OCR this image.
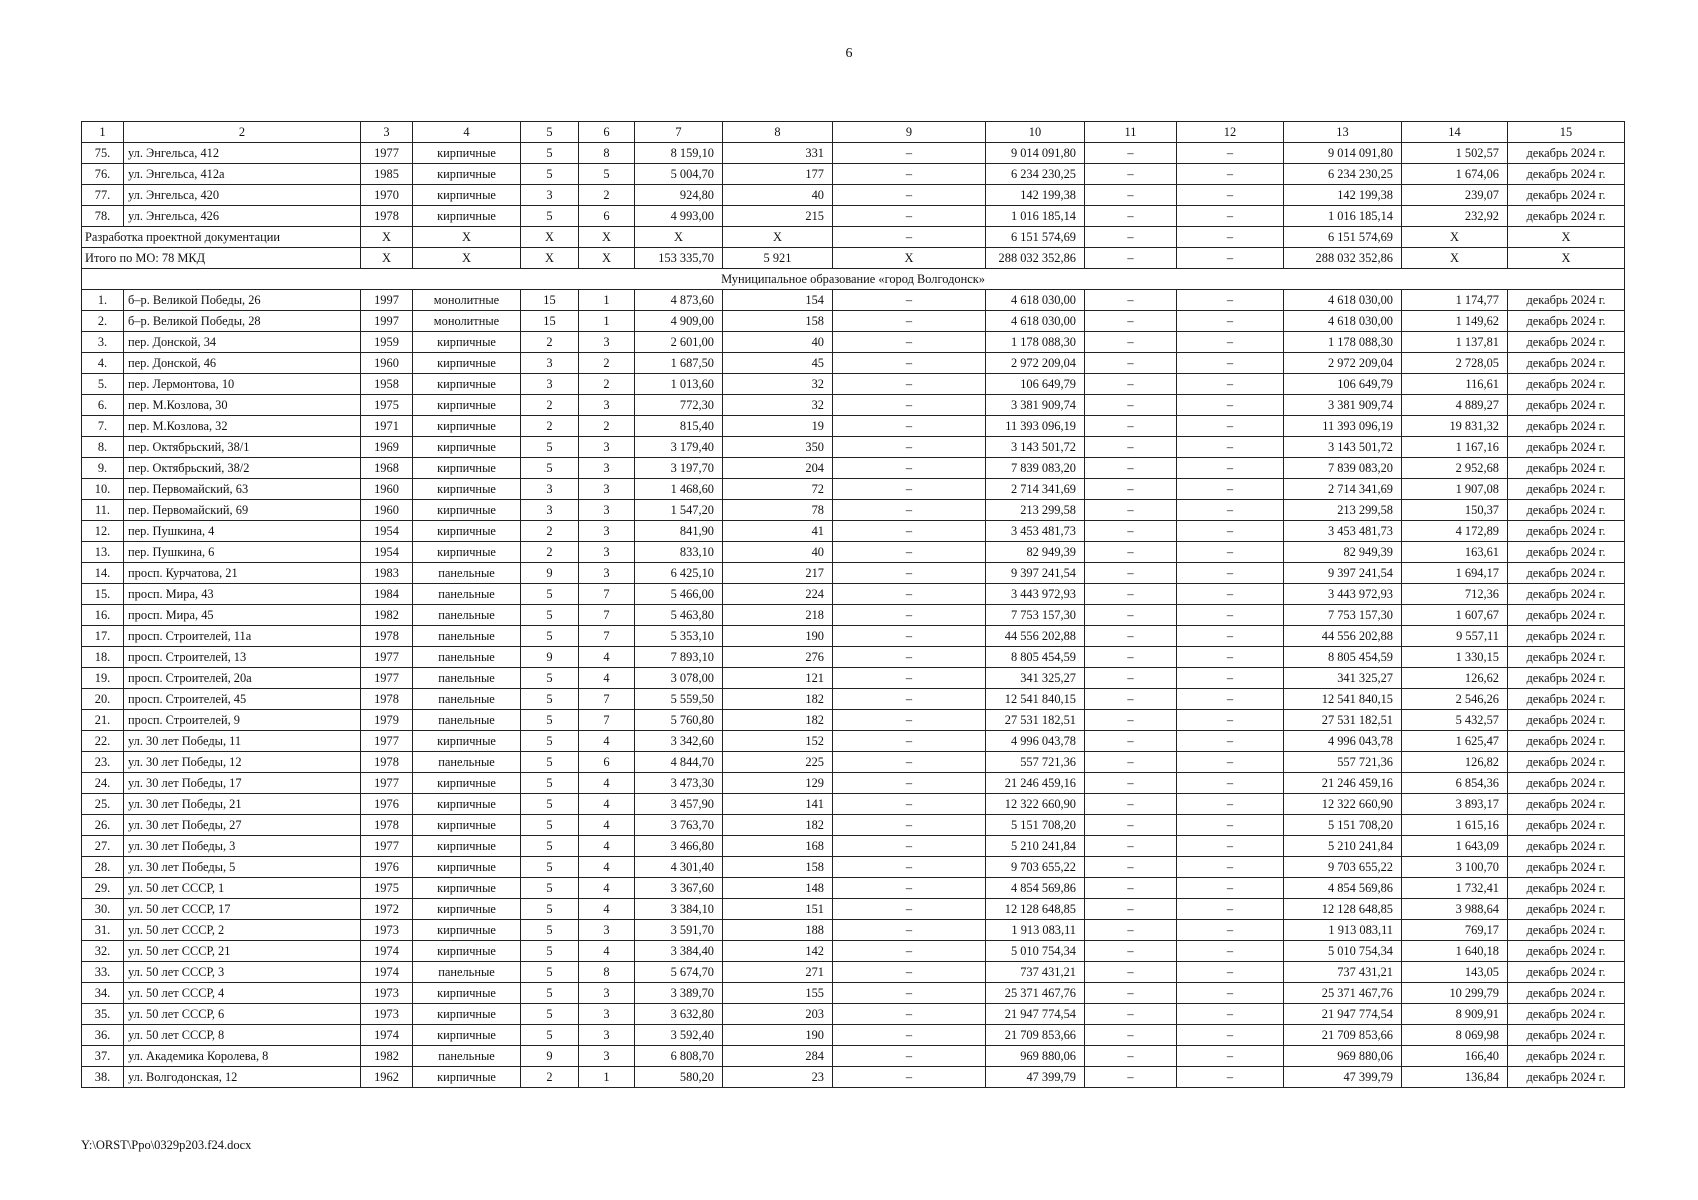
6
1	2	3	4	5	6	7	8	9	10	11	12	13	14	15
75.	ул. Энгельса, 412	1977	кирпичные	5	8	8 159,10	331	–	9 014 091,80	–	–	9 014 091,80	1 502,57	декабрь 2024 г.
76.	ул. Энгельса, 412а	1985	кирпичные	5	5	5 004,70	177	–	6 234 230,25	–	–	6 234 230,25	1 674,06	декабрь 2024 г.
77.	ул. Энгельса, 420	1970	кирпичные	3	2	924,80	40	–	142 199,38	–	–	142 199,38	239,07	декабрь 2024 г.
78.	ул. Энгельса, 426	1978	кирпичные	5	6	4 993,00	215	–	1 016 185,14	–	–	1 016 185,14	232,92	декабрь 2024 г.
Разработка проектной документации		X	X	X	X	X	X	–	6 151 574,69	–	–	6 151 574,69	X	X
Итого по МО: 78 МКД		X	X	X	X	153 335,70	5 921	X	288 032 352,86	–	–	288 032 352,86	X	X
Муниципальное образование «город Волгодонск»														
1.	б–р. Великой Победы, 26	1997	монолитные	15	1	4 873,60	154	–	4 618 030,00	–	–	4 618 030,00	1 174,77	декабрь 2024 г.
2.	б–р. Великой Победы, 28	1997	монолитные	15	1	4 909,00	158	–	4 618 030,00	–	–	4 618 030,00	1 149,62	декабрь 2024 г.
3.	пер. Донской, 34	1959	кирпичные	2	3	2 601,00	40	–	1 178 088,30	–	–	1 178 088,30	1 137,81	декабрь 2024 г.
4.	пер. Донской, 46	1960	кирпичные	3	2	1 687,50	45	–	2 972 209,04	–	–	2 972 209,04	2 728,05	декабрь 2024 г.
5.	пер. Лермонтова, 10	1958	кирпичные	3	2	1 013,60	32	–	106 649,79	–	–	106 649,79	116,61	декабрь 2024 г.
6.	пер. М.Козлова, 30	1975	кирпичные	2	3	772,30	32	–	3 381 909,74	–	–	3 381 909,74	4 889,27	декабрь 2024 г.
7.	пер. М.Козлова, 32	1971	кирпичные	2	2	815,40	19	–	11 393 096,19	–	–	11 393 096,19	19 831,32	декабрь 2024 г.
8.	пер. Октябрьский, 38/1	1969	кирпичные	5	3	3 179,40	350	–	3 143 501,72	–	–	3 143 501,72	1 167,16	декабрь 2024 г.
9.	пер. Октябрьский, 38/2	1968	кирпичные	5	3	3 197,70	204	–	7 839 083,20	–	–	7 839 083,20	2 952,68	декабрь 2024 г.
10.	пер. Первомайский, 63	1960	кирпичные	3	3	1 468,60	72	–	2 714 341,69	–	–	2 714 341,69	1 907,08	декабрь 2024 г.
11.	пер. Первомайский, 69	1960	кирпичные	3	3	1 547,20	78	–	213 299,58	–	–	213 299,58	150,37	декабрь 2024 г.
12.	пер. Пушкина, 4	1954	кирпичные	2	3	841,90	41	–	3 453 481,73	–	–	3 453 481,73	4 172,89	декабрь 2024 г.
13.	пер. Пушкина, 6	1954	кирпичные	2	3	833,10	40	–	82 949,39	–	–	82 949,39	163,61	декабрь 2024 г.
14.	просп. Курчатова, 21	1983	панельные	9	3	6 425,10	217	–	9 397 241,54	–	–	9 397 241,54	1 694,17	декабрь 2024 г.
15.	просп. Мира, 43	1984	панельные	5	7	5 466,00	224	–	3 443 972,93	–	–	3 443 972,93	712,36	декабрь 2024 г.
16.	просп. Мира, 45	1982	панельные	5	7	5 463,80	218	–	7 753 157,30	–	–	7 753 157,30	1 607,67	декабрь 2024 г.
17.	просп. Строителей, 11а	1978	панельные	5	7	5 353,10	190	–	44 556 202,88	–	–	44 556 202,88	9 557,11	декабрь 2024 г.
18.	просп. Строителей, 13	1977	панельные	9	4	7 893,10	276	–	8 805 454,59	–	–	8 805 454,59	1 330,15	декабрь 2024 г.
19.	просп. Строителей, 20а	1977	панельные	5	4	3 078,00	121	–	341 325,27	–	–	341 325,27	126,62	декабрь 2024 г.
20.	просп. Строителей, 45	1978	панельные	5	7	5 559,50	182	–	12 541 840,15	–	–	12 541 840,15	2 546,26	декабрь 2024 г.
21.	просп. Строителей, 9	1979	панельные	5	7	5 760,80	182	–	27 531 182,51	–	–	27 531 182,51	5 432,57	декабрь 2024 г.
22.	ул. 30 лет Победы, 11	1977	кирпичные	5	4	3 342,60	152	–	4 996 043,78	–	–	4 996 043,78	1 625,47	декабрь 2024 г.
23.	ул. 30 лет Победы, 12	1978	панельные	5	6	4 844,70	225	–	557 721,36	–	–	557 721,36	126,82	декабрь 2024 г.
24.	ул. 30 лет Победы, 17	1977	кирпичные	5	4	3 473,30	129	–	21 246 459,16	–	–	21 246 459,16	6 854,36	декабрь 2024 г.
25.	ул. 30 лет Победы, 21	1976	кирпичные	5	4	3 457,90	141	–	12 322 660,90	–	–	12 322 660,90	3 893,17	декабрь 2024 г.
26.	ул. 30 лет Победы, 27	1978	кирпичные	5	4	3 763,70	182	–	5 151 708,20	–	–	5 151 708,20	1 615,16	декабрь 2024 г.
27.	ул. 30 лет Победы, 3	1977	кирпичные	5	4	3 466,80	168	–	5 210 241,84	–	–	5 210 241,84	1 643,09	декабрь 2024 г.
28.	ул. 30 лет Победы, 5	1976	кирпичные	5	4	4 301,40	158	–	9 703 655,22	–	–	9 703 655,22	3 100,70	декабрь 2024 г.
29.	ул. 50 лет СССР, 1	1975	кирпичные	5	4	3 367,60	148	–	4 854 569,86	–	–	4 854 569,86	1 732,41	декабрь 2024 г.
30.	ул. 50 лет СССР, 17	1972	кирпичные	5	4	3 384,10	151	–	12 128 648,85	–	–	12 128 648,85	3 988,64	декабрь 2024 г.
31.	ул. 50 лет СССР, 2	1973	кирпичные	5	3	3 591,70	188	–	1 913 083,11	–	–	1 913 083,11	769,17	декабрь 2024 г.
32.	ул. 50 лет СССР, 21	1974	кирпичные	5	4	3 384,40	142	–	5 010 754,34	–	–	5 010 754,34	1 640,18	декабрь 2024 г.
33.	ул. 50 лет СССР, 3	1974	панельные	5	8	5 674,70	271	–	737 431,21	–	–	737 431,21	143,05	декабрь 2024 г.
34.	ул. 50 лет СССР, 4	1973	кирпичные	5	3	3 389,70	155	–	25 371 467,76	–	–	25 371 467,76	10 299,79	декабрь 2024 г.
35.	ул. 50 лет СССР, 6	1973	кирпичные	5	3	3 632,80	203	–	21 947 774,54	–	–	21 947 774,54	8 909,91	декабрь 2024 г.
36.	ул. 50 лет СССР, 8	1974	кирпичные	5	3	3 592,40	190	–	21 709 853,66	–	–	21 709 853,66	8 069,98	декабрь 2024 г.
37.	ул. Академика Королева, 8	1982	панельные	9	3	6 808,70	284	–	969 880,06	–	–	969 880,06	166,40	декабрь 2024 г.
38.	ул. Волгодонская, 12	1962	кирпичные	2	1	580,20	23	–	47 399,79	–	–	47 399,79	136,84	декабрь 2024 г.
Y:\ORST\Ppo\0329p203.f24.docx
